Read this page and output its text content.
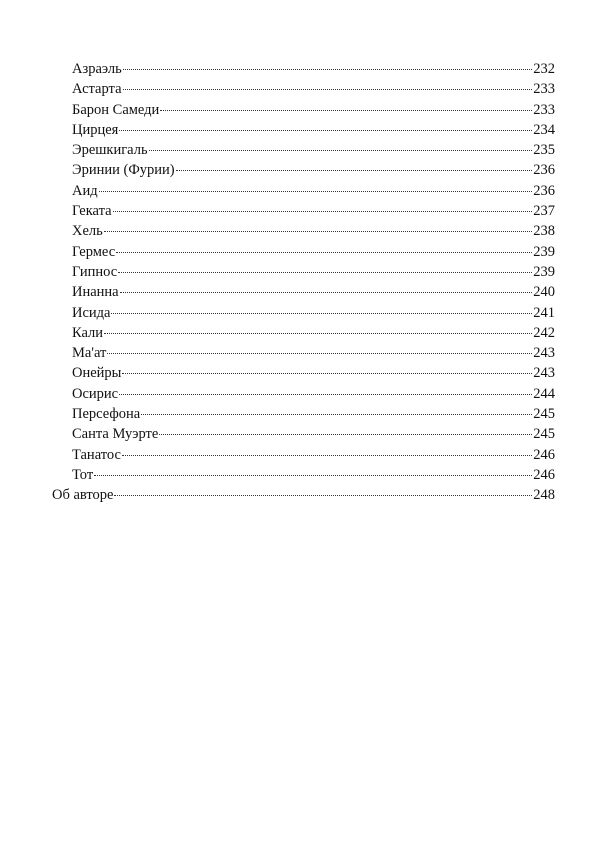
Азраэль	232
Астарта	233
Барон Самеди	233
Цирцея	234
Эрешкигаль	235
Эринии (Фурии)	236
Аид	236
Геката	237
Хель	238
Гермес	239
Гипнос	239
Инанна	240
Исида	241
Кали	242
Ма'ат	243
Онейры	243
Осирис	244
Персефона	245
Санта Муэрте	245
Танатос	246
Тот	246
Об авторе	248
